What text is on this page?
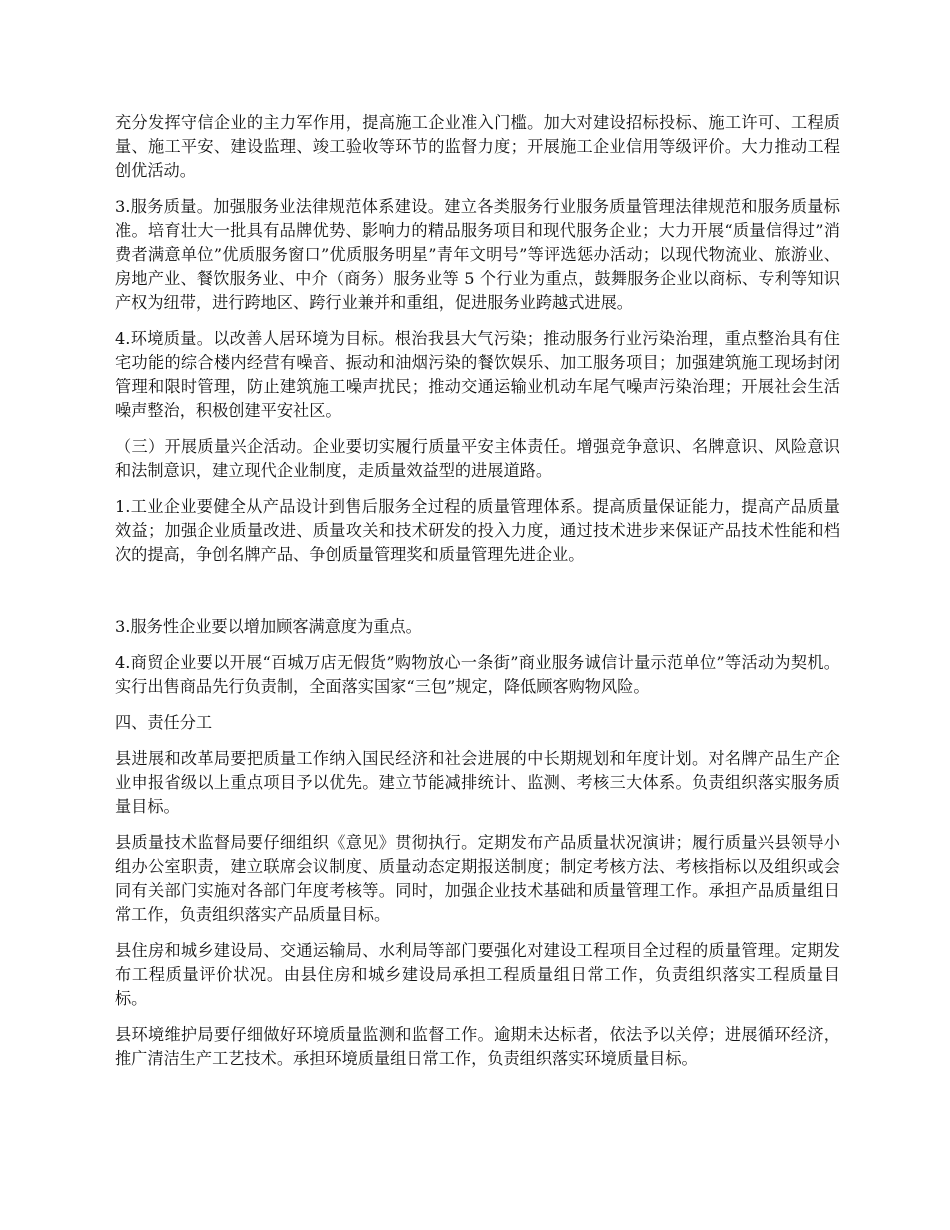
充分发挥守信企业的主力军作用，提高施工企业准入门槛。加大对建设招标投标、施工许可、工程质量、施工平安、建设监理、竣工验收等环节的监督力度；开展施工企业信用等级评价。大力推动工程创优活动。

3.服务质量。加强服务业法律规范体系建设。建立各类服务行业服务质量管理法律规范和服务质量标准。培育壮大一批具有品牌优势、影响力的精品服务项目和现代服务企业；大力开展“质量信得过”消费者满意单位”优质服务窗口”优质服务明星”青年文明号”等评选惩办活动；以现代物流业、旅游业、房地产业、餐饮服务业、中介（商务）服务业等 5 个行业为重点，鼓舞服务企业以商标、专利等知识产权为纽带，进行跨地区、跨行业兼并和重组，促进服务业跨越式进展。

4.环境质量。以改善人居环境为目标。根治我县大气污染；推动服务行业污染治理，重点整治具有住宅功能的综合楼内经营有噪音、振动和油烟污染的餐饮娱乐、加工服务项目；加强建筑施工现场封闭管理和限时管理，防止建筑施工噪声扰民；推动交通运输业机动车尾气噪声污染治理；开展社会生活噪声整治，积极创建平安社区。

（三）开展质量兴企活动。企业要切实履行质量平安主体责任。增强竞争意识、名牌意识、风险意识和法制意识，建立现代企业制度，走质量效益型的进展道路。

1.工业企业要健全从产品设计到售后服务全过程的质量管理体系。提高质量保证能力，提高产品质量效益；加强企业质量改进、质量攻关和技术研发的投入力度，通过技术进步来保证产品技术性能和档次的提高，争创名牌产品、争创质量管理奖和质量管理先进企业。

3.服务性企业要以增加顾客满意度为重点。

4.商贸企业要以开展“百城万店无假货”购物放心一条街”商业服务诚信计量示范单位”等活动为契机。实行出售商品先行负责制，全面落实国家“三包”规定，降低顾客购物风险。

四、责任分工

县进展和改革局要把质量工作纳入国民经济和社会进展的中长期规划和年度计划。对名牌产品生产企业申报省级以上重点项目予以优先。建立节能减排统计、监测、考核三大体系。负责组织落实服务质量目标。

县质量技术监督局要仔细组织《意见》贯彻执行。定期发布产品质量状况演讲；履行质量兴县领导小组办公室职责，建立联席会议制度、质量动态定期报送制度；制定考核方法、考核指标以及组织或会同有关部门实施对各部门年度考核等。同时，加强企业技术基础和质量管理工作。承担产品质量组日常工作，负责组织落实产品质量目标。

县住房和城乡建设局、交通运输局、水利局等部门要强化对建设工程项目全过程的质量管理。定期发布工程质量评价状况。由县住房和城乡建设局承担工程质量组日常工作，负责组织落实工程质量目标。

县环境维护局要仔细做好环境质量监测和监督工作。逾期未达标者，依法予以关停；进展循环经济，推广清洁生产工艺技术。承担环境质量组日常工作，负责组织落实环境质量目标。
